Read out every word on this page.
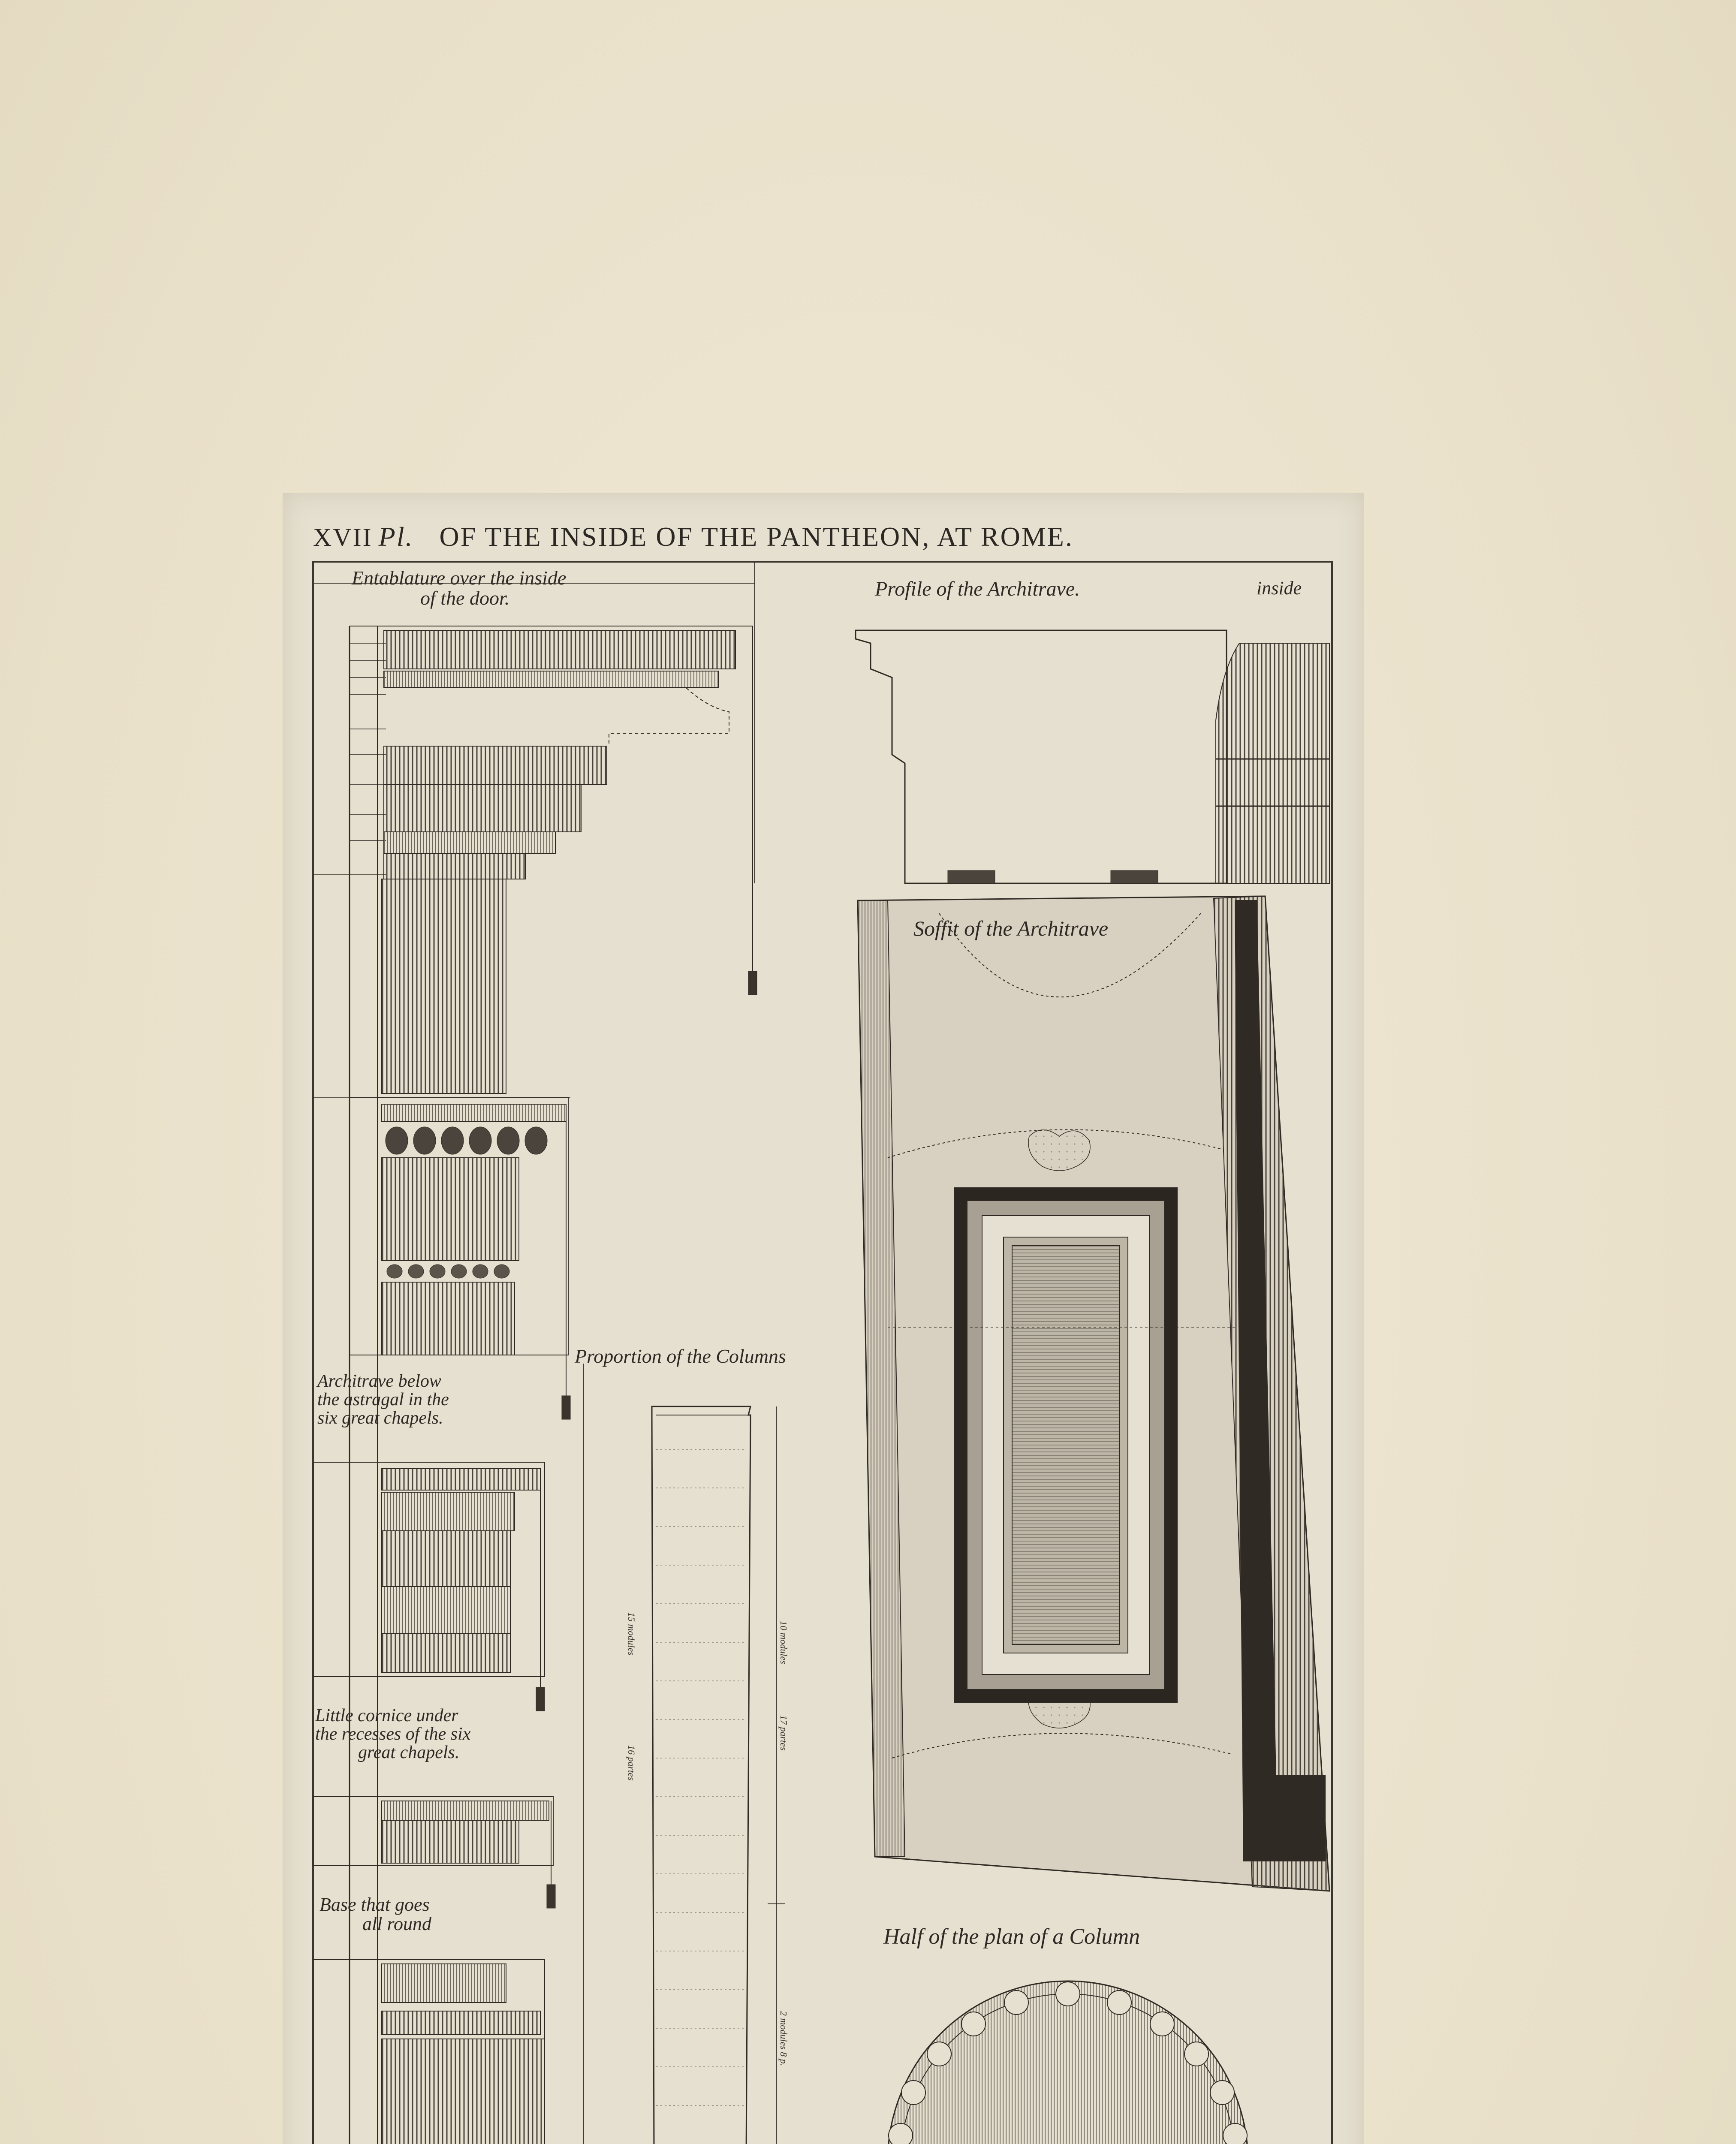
XVII Pl. OF THE INSIDE OF THE PANTHEON, AT ROME.
Entablature over the inside
of the door.	Profile of the Architrave.	inside
Soffit of the Architrave
Proportion of the Columns
Architrave below
the astragal in the
six great chapels.
Little cornice under
the recesses of the six
great chapels.
Base that goes
all round
Half of the plan of a Column
15 modules
16 partes
10 modules
17 partes
2 modules 8 p.
